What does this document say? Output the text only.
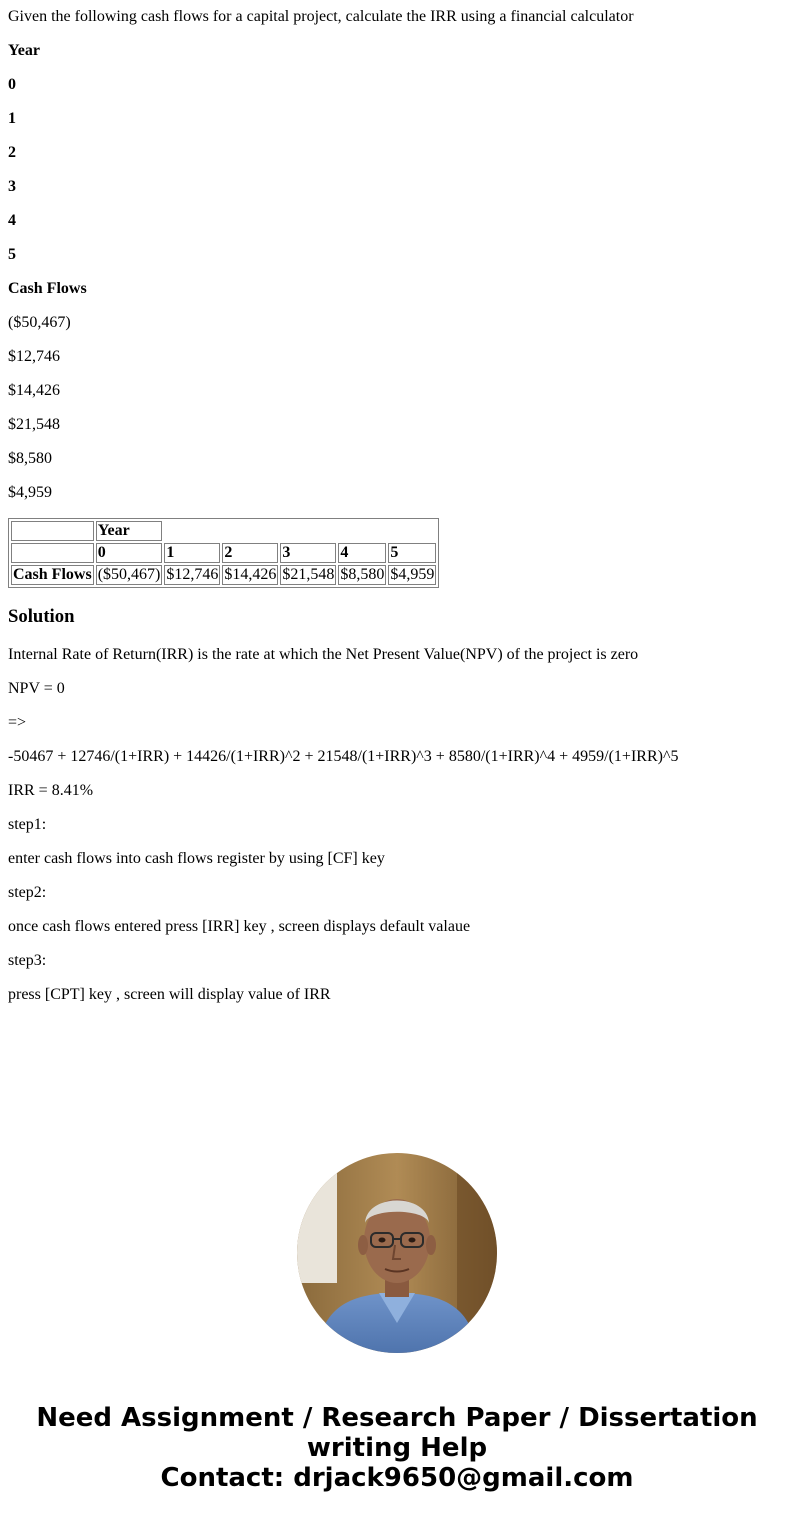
Given the following cash flows for a capital project, calculate the IRR using a financial calculator

Year

0

1

2

3

4

5

Cash Flows

($50,467)

$12,746

$14,426

$21,548

$8,580

$4,959

	Year					
	0	1	2	3	4	5
Cash Flows	($50,467)	$12,746	$14,426	$21,548	$8,580	$4,959
Solution

Internal Rate of Return(IRR) is the rate at which the Net Present Value(NPV) of the project is zero

NPV = 0

=>

-50467 + 12746/(1+IRR) + 14426/(1+IRR)^2 + 21548/(1+IRR)^3 + 8580/(1+IRR)^4 + 4959/(1+IRR)^5

IRR = 8.41%

step1:

enter cash flows into cash flows register by using [CF] key

step2:

once cash flows entered press [IRR] key , screen displays default valaue

step3:

press [CPT] key , screen will display value of IRR

Need Assignment / Research Paper / Dissertation
writing Help
Contact: drjack9650@gmail.com
